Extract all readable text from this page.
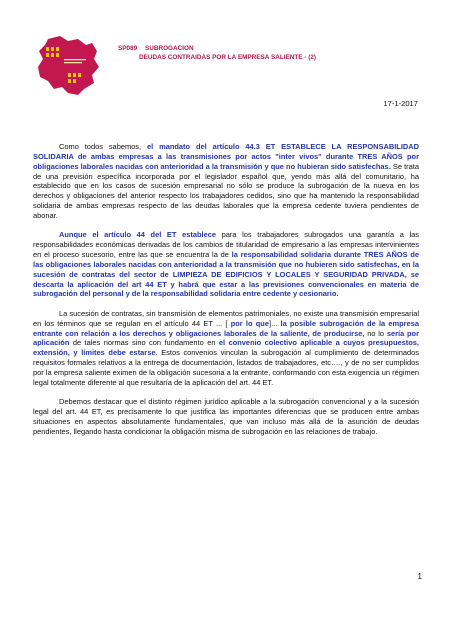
SP089 SUBROGACION
DEUDAS CONTRAIDAS POR LA EMPRESA SALIENTE - (2)
17-1-2017

Como todos sabemos, el mandato del artículo 44.3 ET ESTABLECE LA RESPONSABILIDAD SOLIDARIA de ambas empresas a las transmisiones por actos "inter vivos" durante TRES AÑOS por obligaciones laborales nacidas con anterioridad a la transmisión y que no hubieran sido satisfechas. Se trata de una previsión específica incorporada por el legislador español que, yendo más allá del comunitario, ha establecido que en los casos de sucesión empresarial no sólo se produce la subrogación de la nueva en los derechos y obligaciones del anterior respecto los trabajadores cedidos, sino que ha mantenido la responsabilidad solidaria de ambas empresas respecto de las deudas laborales que la empresa cedente tuviera pendientes de abonar.

Aunque el artículo 44 del ET establece para los trabajadores subrogados una garantía a las responsabilidades económicas derivadas de los cambios de titularidad de empresario a las empresas intervinientes en el proceso sucesorio, entre las que se encuentra la de la responsabilidad solidaria durante TRES AÑOS de las obligaciones laborales nacidas con anterioridad a la transmisión que no hubieren sido satisfechas, en la sucesión de contratas del sector de LIMPIEZA DE EDIFICIOS Y LOCALES Y SEGURIDAD PRIVADA, se descarta la aplicación del art 44 ET y habrá que estar a las previsiones convencionales en materia de subrogación del personal y de la responsabilidad solidaria entre cedente y cesionario.

La sucesión de contratas, sin transmisión de elementos patrimoniales, no existe una transmisión empresarial en los términos que se regulan en el artículo 44 ET ... [ por lo que]... la posible subrogación de la empresa entrante con relación a los derechos y obligaciones laborales de la saliente, de producirse, no lo sería por aplicación de tales normas sino con fundamento en el convenio colectivo aplicable a cuyos presupuestos, extensión, y límites debe estarse. Estos convenios vinculan la subrogación al cumplimiento de determinados requisitos formales relativos a la entrega de documentación, listados de trabajadores, etc…., y de no ser cumplidos por la empresa saliente eximen de la obligación sucesoria a la entrante, conformando con esta exigencia un régimen legal totalmente diferente al que resultaría de la aplicación del art. 44 ET.

Debemos destacar que el distinto régimen jurídico aplicable a la subrogación convencional y a la sucesión legal del art. 44 ET, es precisamente lo que justifica las importantes diferencias que se producen entre ambas situaciones en aspectos absolutamente fundamentales, que van incluso más allá de la asunción de deudas pendientes, llegando hasta condicionar la obligación misma de subrogación en las relaciones de trabajo.

1
